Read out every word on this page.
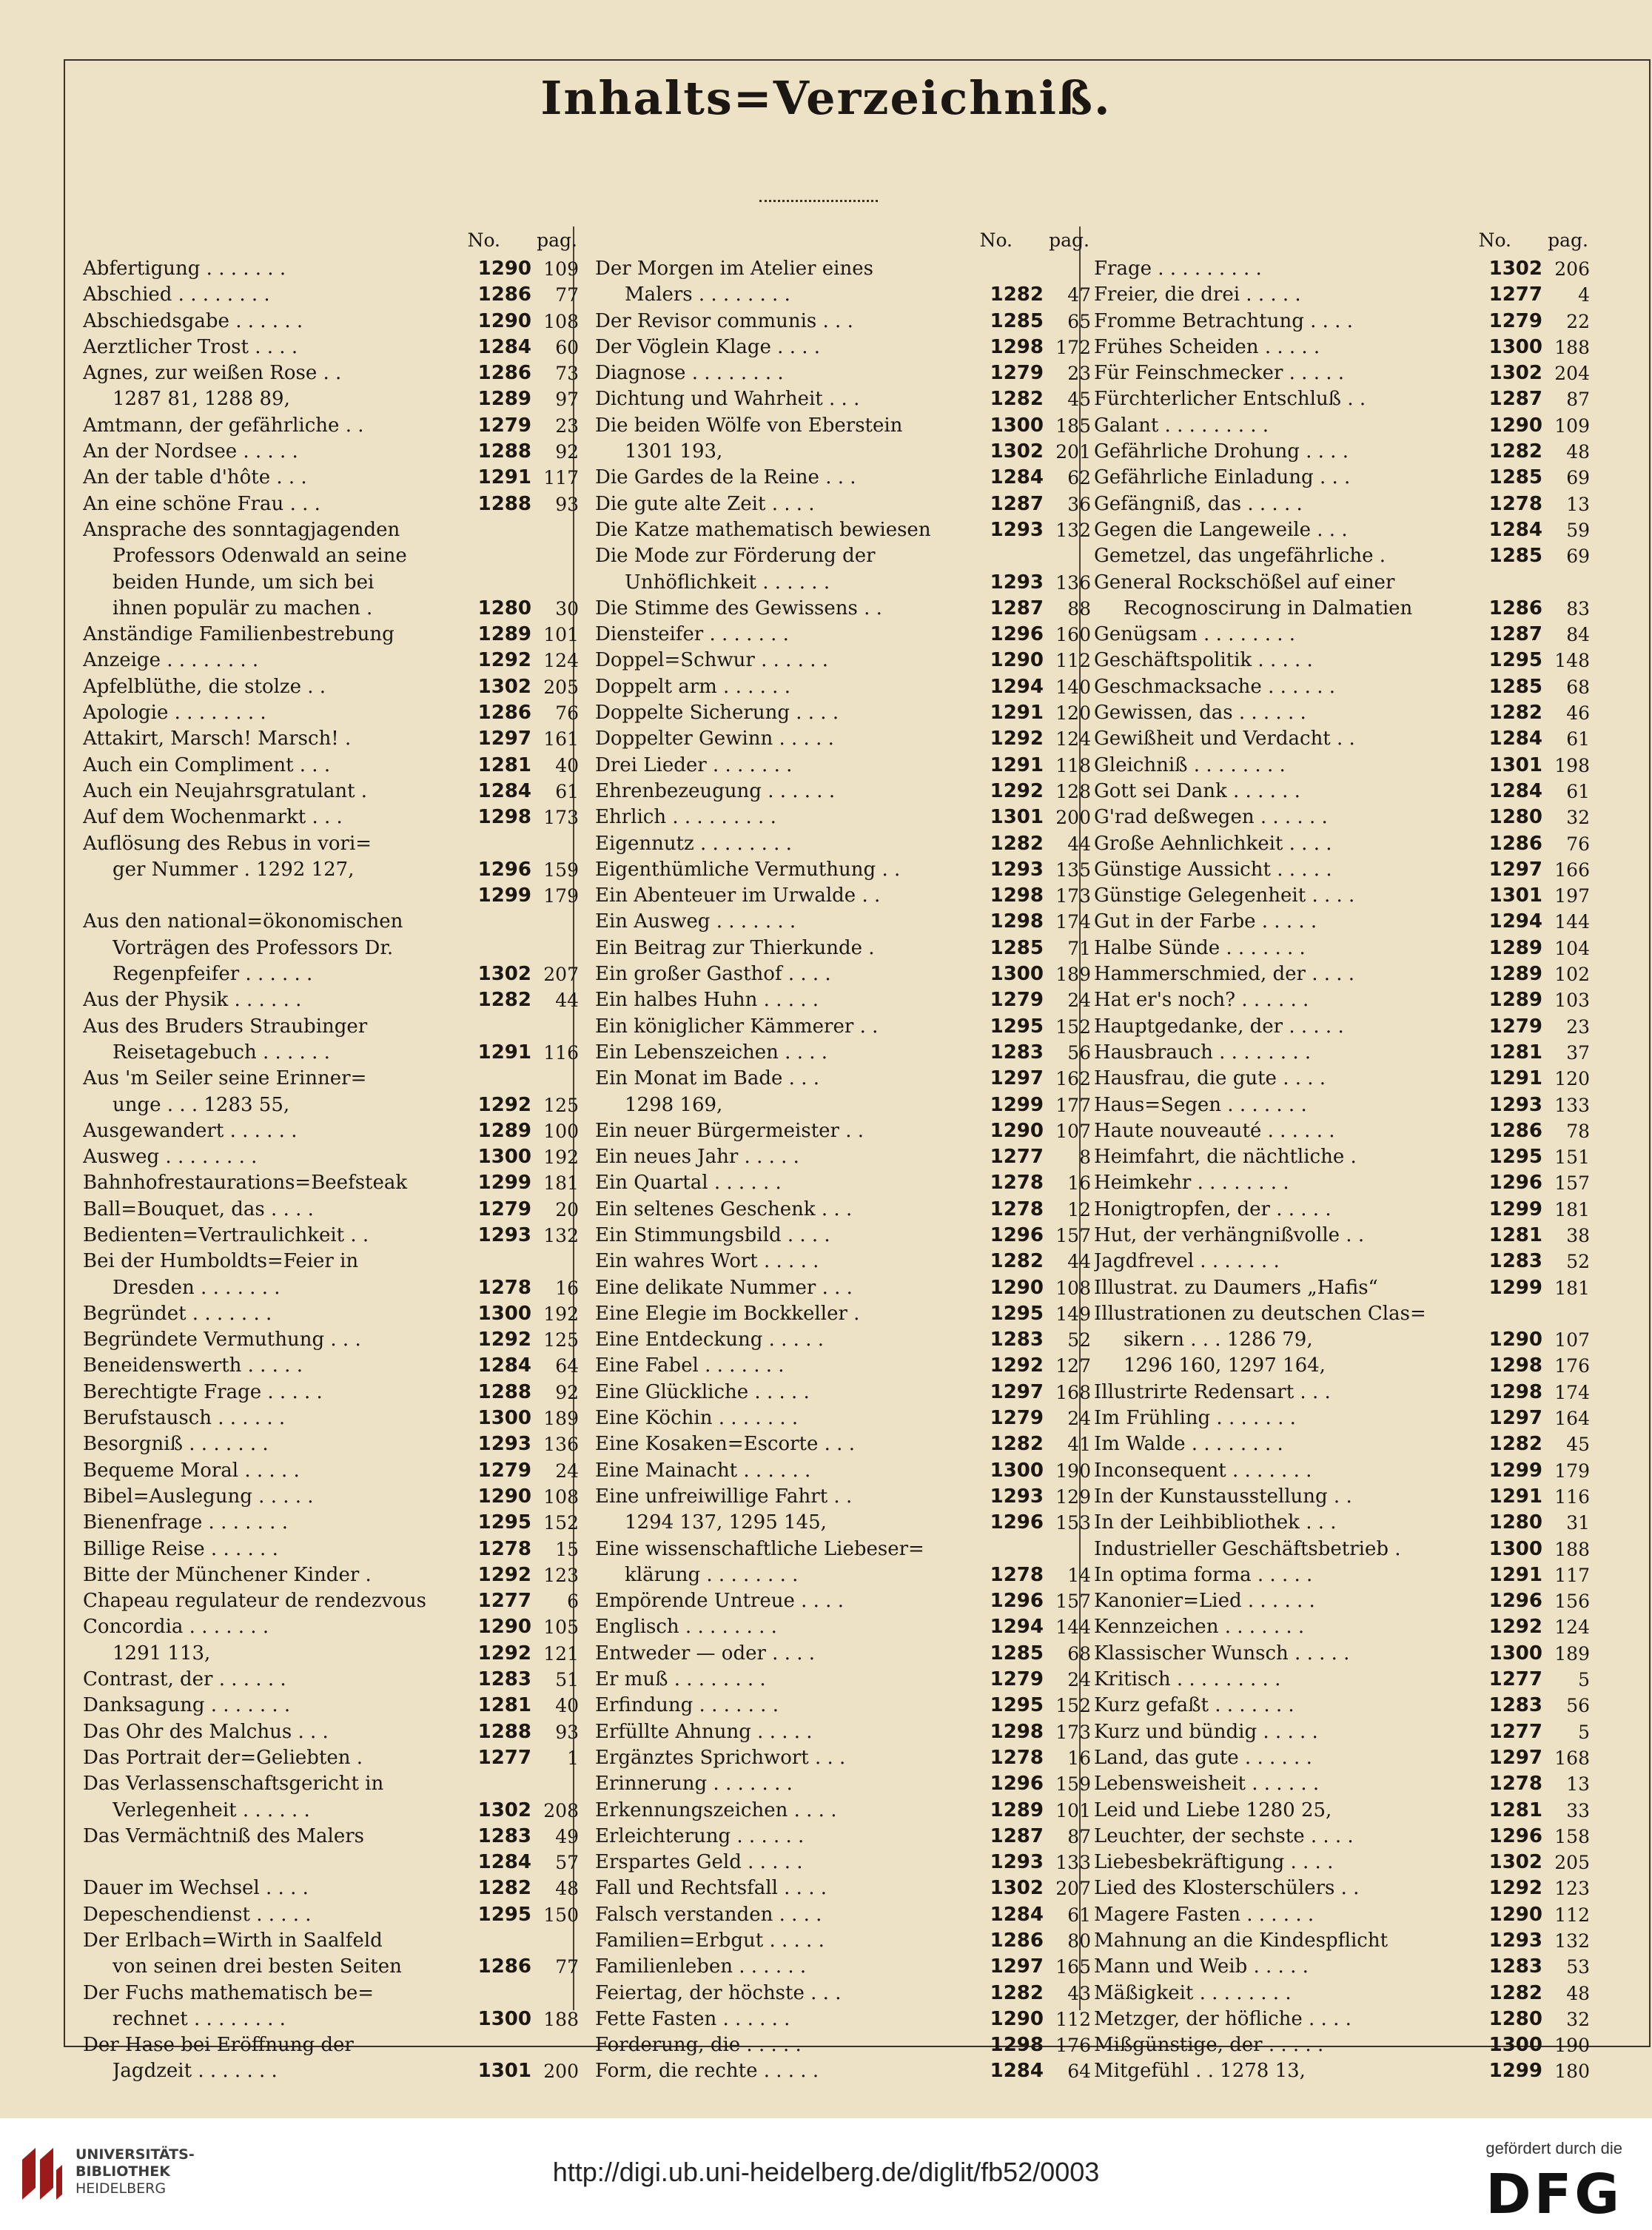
Inhalts=Verzeichniß.
No. pag.
Abfertigung . . . . . . .	1290 109
Abschied . . . . . . . .	1286	77
Abschiedsgabe . . . . . .	1290 108
Aerztlicher Trost . . . .	1284	60
Agnes, zur weißen Rose . .	1286	73
1287 81, 1288 89,	1289	97
Amtmann, der gefährliche . .	1279	23
An der Nordsee . . . . .	1288	92
An der table d'hôte . . .	1291 117
An eine schöne Frau . . .	1288	93
Ansprache des sonntagjagenden
Professors Odenwald an seine
beiden Hunde, um sich bei
ihnen populär zu machen .	1280	30
Anständige Familienbestrebung	1289 101
Anzeige . . . . . . . .	1292 124
Apfelblüthe, die stolze . .	1302 205
Apologie . . . . . . . .	1286	76
Attakirt, Marsch! Marsch! .	1297 161
Auch ein Compliment . . .	1281	40
Auch ein Neujahrsgratulant .	1284	61
Auf dem Wochenmarkt . . .	1298 173
Auflösung des Rebus in vori=
ger Nummer . 1292 127,	1296 159
1299 179
Aus den national=ökonomischen
Vorträgen des Professors Dr.
Regenpfeifer . . . . . .	1302 207
Aus der Physik . . . . . .	1282	44
Aus des Bruders Straubinger
Reisetagebuch . . . . . .	1291 116
Aus 'm Seiler seine Erinner=
unge . . . 1283 55,	1292 125
Ausgewandert . . . . . .	1289 100
Ausweg . . . . . . . .	1300 192
Bahnhofrestaurations=Beefsteak	1299 181
Ball=Bouquet, das . . . .	1279	20
Bedienten=Vertraulichkeit . .	1293 132
Bei der Humboldts=Feier in
Dresden . . . . . . .	1278	16
Begründet . . . . . . .	1300 192
Begründete Vermuthung . . .	1292 125
Beneidenswerth . . . . .	1284	64
Berechtigte Frage . . . . .	1288	92
Berufstausch . . . . . .	1300 189
Besorgniß . . . . . . .	1293 136
Bequeme Moral . . . . .	1279	24
Bibel=Auslegung . . . . .	1290 108
Bienenfrage . . . . . . .	1295 152
Billige Reise . . . . . .	1278	15
Bitte der Münchener Kinder .	1292 123
Chapeau regulateur de rendezvous	1277	6
Concordia . . . . . . .	1290 105
1291 113,	1292 121
Contrast, der . . . . . .	1283	51
Danksagung . . . . . . .	1281	40
Das Ohr des Malchus . . .	1288	93
Das Portrait der=Geliebten .	1277	1
Das Verlassenschaftsgericht in
Verlegenheit . . . . . .	1302 208
Das Vermächtniß des Malers	1283	49
1284	57
Dauer im Wechsel . . . .	1282	48
Depeschendienst . . . . .	1295 150
Der Erlbach=Wirth in Saalfeld
von seinen drei besten Seiten	1286	77
Der Fuchs mathematisch be=
rechnet . . . . . . . .	1300 188
Der Hase bei Eröffnung der
Jagdzeit . . . . . . .	1301 200
No. pag.
Der Morgen im Atelier eines
Malers . . . . . . . .	1282	47
Der Revisor communis . . .	1285	65
Der Vöglein Klage . . . .	1298 172
Diagnose . . . . . . . .	1279	23
Dichtung und Wahrheit . . .	1282	45
Die beiden Wölfe von Eberstein	1300 185
1301 193,	1302 201
Die Gardes de la Reine . . .	1284	62
Die gute alte Zeit . . . .	1287	36
Die Katze mathematisch bewiesen	1293 132
Die Mode zur Förderung der
Unhöflichkeit . . . . . .	1293 136
Die Stimme des Gewissens . .	1287	88
Diensteifer . . . . . . .	1296 160
Doppel=Schwur . . . . . .	1290 112
Doppelt arm . . . . . .	1294 140
Doppelte Sicherung . . . .	1291 120
Doppelter Gewinn . . . . .	1292 124
Drei Lieder . . . . . . .	1291 118
Ehrenbezeugung . . . . . .	1292 128
Ehrlich . . . . . . . . .	1301 200
Eigennutz . . . . . . . .	1282	44
Eigenthümliche Vermuthung . .	1293 135
Ein Abenteuer im Urwalde . .	1298 173
Ein Ausweg . . . . . . .	1298 174
Ein Beitrag zur Thierkunde .	1285	71
Ein großer Gasthof . . . .	1300 189
Ein halbes Huhn . . . . .	1279	24
Ein königlicher Kämmerer . .	1295 152
Ein Lebenszeichen . . . .	1283	56
Ein Monat im Bade . . .	1297 162
1298 169,	1299 177
Ein neuer Bürgermeister . .	1290 107
Ein neues Jahr . . . . .	1277	8
Ein Quartal . . . . . .	1278	16
Ein seltenes Geschenk . . .	1278	12
Ein Stimmungsbild . . . .	1296 157
Ein wahres Wort . . . . .	1282	44
Eine delikate Nummer . . .	1290 108
Eine Elegie im Bockkeller .	1295 149
Eine Entdeckung . . . . .	1283	52
Eine Fabel . . . . . . .	1292 127
Eine Glückliche . . . . .	1297 168
Eine Köchin . . . . . . .	1279	24
Eine Kosaken=Escorte . . .	1282	41
Eine Mainacht . . . . . .	1300 190
Eine unfreiwillige Fahrt . .	1293 129
1294 137, 1295 145,	1296 153
Eine wissenschaftliche Liebeser=
klärung . . . . . . . .	1278	14
Empörende Untreue . . . .	1296 157
Englisch . . . . . . . .	1294 144
Entweder — oder . . . .	1285	68
Er muß . . . . . . . .	1279	24
Erfindung . . . . . . .	1295 152
Erfüllte Ahnung . . . . .	1298 173
Ergänztes Sprichwort . . .	1278	16
Erinnerung . . . . . . .	1296 159
Erkennungszeichen . . . .	1289 101
Erleichterung . . . . . .	1287	87
Erspartes Geld . . . . .	1293 133
Fall und Rechtsfall . . . .	1302 207
Falsch verstanden . . . .	1284	61
Familien=Erbgut . . . . .	1286	80
Familienleben . . . . . .	1297 165
Feiertag, der höchste . . .	1282	43
Fette Fasten . . . . . .	1290 112
Forderung, die . . . . .	1298 176
Form, die rechte . . . . .	1284	64
No. pag.
Frage . . . . . . . . .	1302 206
Freier, die drei . . . . .	1277	4
Fromme Betrachtung . . . .	1279	22
Frühes Scheiden . . . . .	1300 188
Für Feinschmecker . . . . .	1302 204
Fürchterlicher Entschluß . .	1287	87
Galant . . . . . . . . .	1290 109
Gefährliche Drohung . . . .	1282	48
Gefährliche Einladung . . .	1285	69
Gefängniß, das . . . . .	1278	13
Gegen die Langeweile . . .	1284	59
Gemetzel, das ungefährliche .	1285	69
General Rockschößel auf einer
Recognoscirung in Dalmatien	1286	83
Genügsam . . . . . . . .	1287	84
Geschäftspolitik . . . . .	1295 148
Geschmacksache . . . . . .	1285	68
Gewissen, das . . . . . .	1282	46
Gewißheit und Verdacht . .	1284	61
Gleichniß . . . . . . . .	1301 198
Gott sei Dank . . . . . .	1284	61
G'rad deßwegen . . . . . .	1280	32
Große Aehnlichkeit . . . .	1286	76
Günstige Aussicht . . . . .	1297 166
Günstige Gelegenheit . . . .	1301 197
Gut in der Farbe . . . . .	1294 144
Halbe Sünde . . . . . . .	1289 104
Hammerschmied, der . . . .	1289 102
Hat er's noch? . . . . . .	1289 103
Hauptgedanke, der . . . . .	1279	23
Hausbrauch . . . . . . . .	1281	37
Hausfrau, die gute . . . .	1291 120
Haus=Segen . . . . . . .	1293 133
Haute nouveauté . . . . . .	1286	78
Heimfahrt, die nächtliche .	1295 151
Heimkehr . . . . . . . .	1296 157
Honigtropfen, der . . . . .	1299 181
Hut, der verhängnißvolle . .	1281	38
Jagdfrevel . . . . . . .	1283	52
Illustrat. zu Daumers „Hafis“	1299 181
Illustrationen zu deutschen Clas=
sikern . . . 1286 79,	1290 107
1296 160, 1297 164,	1298 176
Illustrirte Redensart . . .	1298 174
Im Frühling . . . . . . .	1297 164
Im Walde . . . . . . . .	1282	45
Inconsequent . . . . . . .	1299 179
In der Kunstausstellung . .	1291 116
In der Leihbibliothek . . .	1280	31
Industrieller Geschäftsbetrieb .	1300 188
In optima forma . . . . .	1291 117
Kanonier=Lied . . . . . .	1296 156
Kennzeichen . . . . . . .	1292 124
Klassischer Wunsch . . . . .	1300 189
Kritisch . . . . . . . . .	1277	5
Kurz gefaßt . . . . . . .	1283	56
Kurz und bündig . . . . .	1277	5
Land, das gute . . . . . .	1297 168
Lebensweisheit . . . . . .	1278	13
Leid und Liebe 1280 25,	1281	33
Leuchter, der sechste . . . .	1296 158
Liebesbekräftigung . . . .	1302 205
Lied des Klosterschülers . .	1292 123
Magere Fasten . . . . . .	1290 112
Mahnung an die Kindespflicht	1293 132
Mann und Weib . . . . .	1283	53
Mäßigkeit . . . . . . . .	1282	48
Metzger, der höfliche . . . .	1280	32
Mißgünstige, der . . . . .	1300 190
Mitgefühl . . 1278 13,	1299 180
UNIVERSITÄTS-
BIBLIOTHEK
HEIDELBERG
http://digi.ub.uni-heidelberg.de/diglit/fb52/0003
gefördert durch die
DFG
